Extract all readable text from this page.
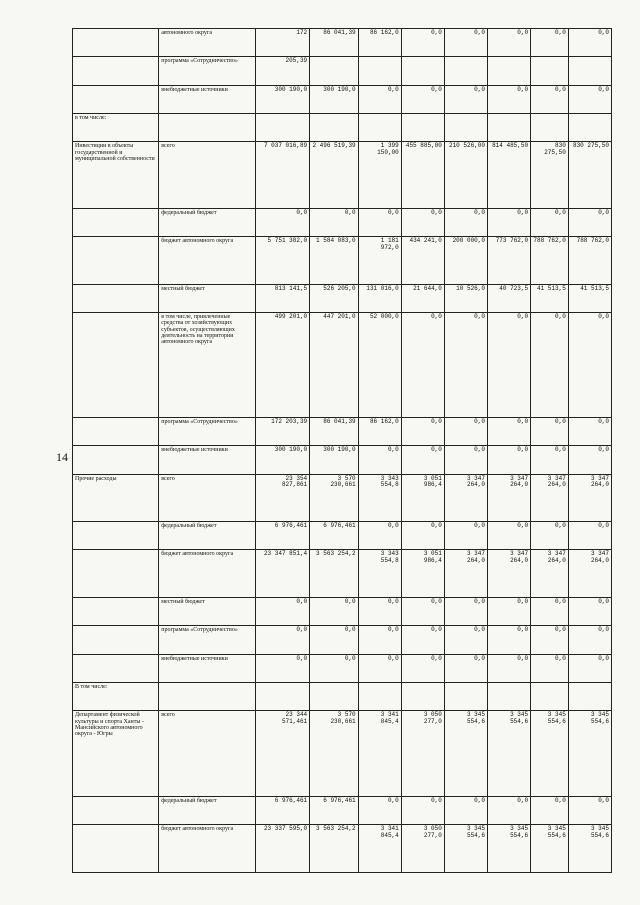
14
	автономного округа	172	86 041,39	86 162,0	0,0	0,0	0,0	0,0	0,0
	программа «Сотрудничество»	205,39							
	внебюджетные источники	300 190,0	300 190,0	0,0	0,0	0,0	0,0	0,0	0,0
в том числе:									
Инвестиции в объекты государственной и муниципальной собственности	всего	7 037 016,89	2 496 519,39	1 399 150,00	455 885,00	210 526,00	814 485,50	830 275,50	830 275,50
	федеральный бюджет	0,0	0,0	0,0	0,0	0,0	0,0	0,0	0,0
	бюджет автономного округа	5 751 382,0	1 584 083,0	1 181 972,0	434 241,0	200 000,0	773 762,0	788 762,0	788 762,0
	местный бюджет	813 141,5	526 205,0	131 016,0	21 644,0	10 526,0	40 723,5	41 513,5	41 513,5
	в том числе, привлеченные средства от хозяйствующих субъектов, осуществляющих деятельность на территории автономного округа	499 201,0	447 201,0	52 000,0	0,0	0,0	0,0	0,0	0,0
	программа «Сотрудничество»	172 203,39	86 041,39	86 162,0	0,0	0,0	0,0	0,0	0,0
	внебюджетные источники	300 190,0	300 190,0	0,0	0,0	0,0	0,0	0,0	0,0
Прочие расходы	всего	23 354 827,861	3 570 230,661	3 343 554,8	3 051 986,4	3 347 264,0	3 347 264,0	3 347 264,0	3 347 264,0
	федеральный бюджет	6 976,461	6 976,461	0,0	0,0	0,0	0,0	0,0	0,0
	бюджет автономного округа	23 347 851,4	3 563 254,2	3 343 554,8	3 051 986,4	3 347 264,0	3 347 264,0	3 347 264,0	3 347 264,0
	местный бюджет	0,0	0,0	0,0	0,0	0,0	0,0	0,0	0,0
	программа «Сотрудничество»	0,0	0,0	0,0	0,0	0,0	0,0	0,0	0,0
	внебюджетные источники	0,0	0,0	0,0	0,0	0,0	0,0	0,0	0,0
В том числе:									
Департамент физической культуры и спорта Ханты - Мансийского автономного округа - Югры	всего	23 344 571,461	3 570 230,661	3 341 845,4	3 050 277,0	3 345 554,6	3 345 554,6	3 345 554,6	3 345 554,6
	федеральный бюджет	6 976,461	6 976,461	0,0	0,0	0,0	0,0	0,0	0,0
	бюджет автономного округа	23 337 595,0	3 563 254,2	3 341 845,4	3 050 277,0	3 345 554,6	3 345 554,6	3 345 554,6	3 345 554,6
